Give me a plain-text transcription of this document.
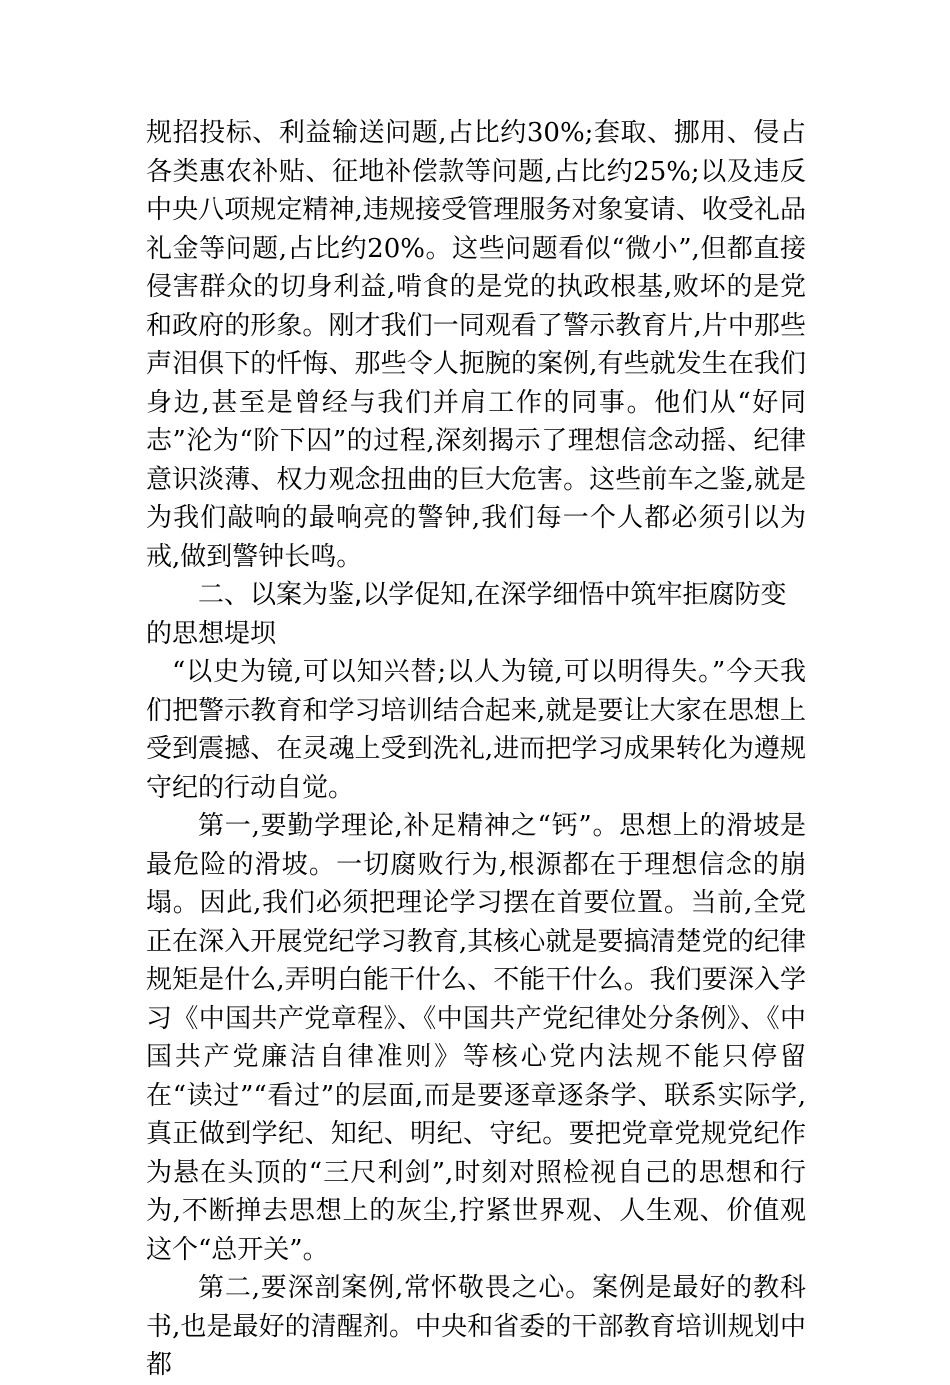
规招投标、利益输送问题,占比约30%;套取、挪用、侵占各类惠农补贴、征地补偿款等问题,占比约25%;以及违反中央八项规定精神,违规接受管理服务对象宴请、收受礼品礼金等问题,占比约20%。这些问题看似“微小”,但都直接侵害群众的切身利益,啃食的是党的执政根基,败坏的是党和政府的形象。刚才我们一同观看了警示教育片,片中那些声泪俱下的忏悔、那些令人扼腕的案例,有些就发生在我们身边,甚至是曾经与我们并肩工作的同事。他们从“好同志”沦为“阶下囚”的过程,深刻揭示了理想信念动摇、纪律意识淡薄、权力观念扭曲的巨大危害。这些前车之鉴,就是为我们敲响的最响亮的警钟,我们每一个人都必须引以为戒,做到警钟长鸣。

二、以案为鉴,以学促知,在深学细悟中筑牢拒腐防变的思想堤坝

“以史为镜,可以知兴替;以人为镜,可以明得失。”今天我们把警示教育和学习培训结合起来,就是要让大家在思想上受到震撼、在灵魂上受到洗礼,进而把学习成果转化为遵规守纪的行动自觉。

第一,要勤学理论,补足精神之“钙”。思想上的滑坡是最危险的滑坡。一切腐败行为,根源都在于理想信念的崩塌。因此,我们必须把理论学习摆在首要位置。当前,全党正在深入开展党纪学习教育,其核心就是要搞清楚党的纪律规矩是什么,弄明白能干什么、不能干什么。我们要深入学习《中国共产党章程》、《中国共产党纪律处分条例》、《中国共产党廉洁自律准则》等核心党内法规不能只停留在“读过”“看过”的层面,而是要逐章逐条学、联系实际学,真正做到学纪、知纪、明纪、守纪。要把党章党规党纪作为悬在头顶的“三尺利剑”,时刻对照检视自己的思想和行为,不断掸去思想上的灰尘,拧紧世界观、人生观、价值观这个“总开关”。

第二,要深剖案例,常怀敬畏之心。案例是最好的教科书,也是最好的清醒剂。中央和省委的干部教育培训规划中都
